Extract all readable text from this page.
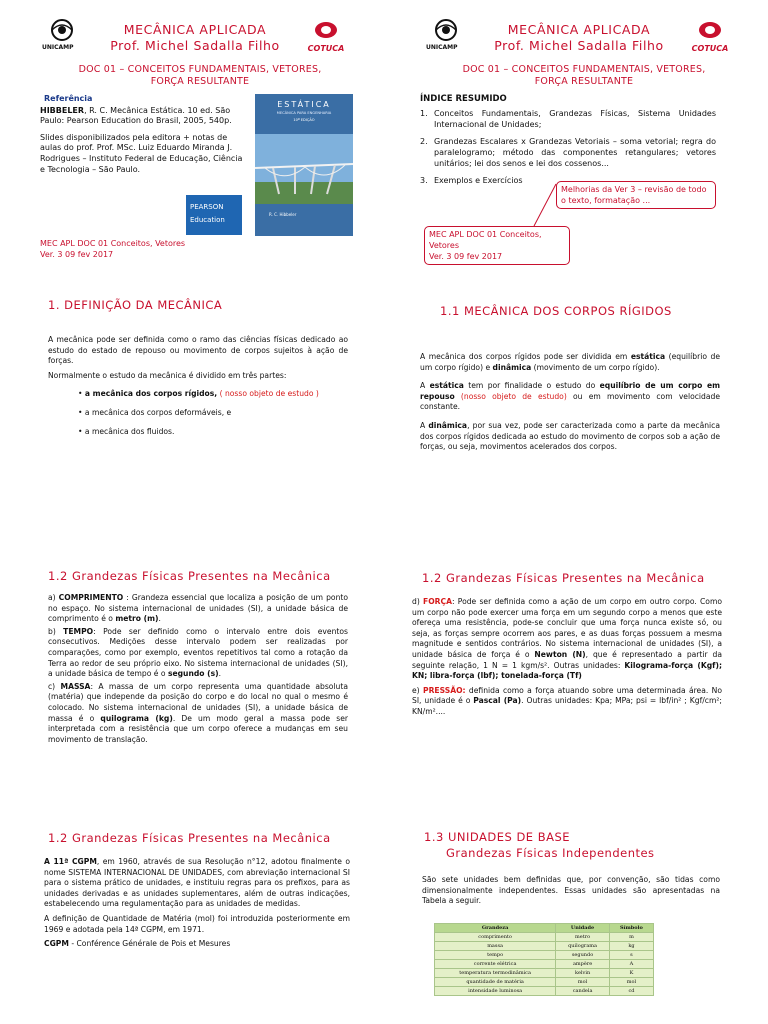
UNICAMP
MECÂNICA APLICADA
Prof. Michel Sadalla Filho	COTUCA
DOC 01 – CONCEITOS FUNDAMENTAIS, VETORES,
FORÇA RESULTANTE
Referência
HIBBELER, R. C. Mecânica Estática. 10 ed. São Paulo: Pearson Education do Brasil, 2005, 540p.
Slides disponibilizados pela editora + notas de aulas do prof. Prof. MSc. Luiz Eduardo Miranda J. Rodrigues – Instituto Federal de Educação, Ciência e Tecnologia – São Paulo.
ESTÁTICA
MECÂNICA PARA ENGENHARIA
10ª EDIÇÃO
R. C. Hibbeler
PEARSON
Education
MEC APL DOC 01 Conceitos, Vetores
Ver. 3 09 fev 2017
UNICAMP
MECÂNICA APLICADA
Prof. Michel Sadalla Filho	COTUCA
DOC 01 – CONCEITOS FUNDAMENTAIS, VETORES,
FORÇA RESULTANTE
ÍNDICE RESUMIDO
1. Conceitos Fundamentais, Grandezas Físicas, Sistema Unidades Internacional de Unidades;
2. Grandezas Escalares x Grandezas Vetoriais – soma vetorial; regra do paralelogramo; método das componentes retangulares; vetores unitários; lei dos senos e lei dos cossenos...
3. Exemplos e Exercícios
Melhorias da Ver 3 – revisão de todo o texto, formatação ...
MEC APL DOC 01 Conceitos, Vetores
Ver. 3 09 fev 2017
1. DEFINIÇÃO DA MECÂNICA

A mecânica pode ser definida como o ramo das ciências físicas dedicado ao estudo do estado de repouso ou movimento de corpos sujeitos à ação de forças.

Normalmente o estudo da mecânica é dividido em três partes:

• a mecânica dos corpos rígidos, ( nosso objeto de estudo )
• a mecânica dos corpos deformáveis, e
• a mecânica dos fluidos.
1.1 MECÂNICA DOS CORPOS RÍGIDOS

A mecânica dos corpos rígidos pode ser dividida em estática (equilíbrio de um corpo rígido) e dinâmica (movimento de um corpo rígido).

A estática tem por finalidade o estudo do equilíbrio de um corpo em repouso (nosso objeto de estudo) ou em movimento com velocidade constante.

A dinâmica, por sua vez, pode ser caracterizada como a parte da mecânica dos corpos rígidos dedicada ao estudo do movimento de corpos sob a ação de forças, ou seja, movimentos acelerados dos corpos.

1.2 Grandezas Físicas Presentes na Mecânica

a) COMPRIMENTO : Grandeza essencial que localiza a posição de um ponto no espaço. No sistema internacional de unidades (SI), a unidade básica de comprimento é o metro (m).

b) TEMPO: Pode ser definido como o intervalo entre dois eventos consecutivos. Medições desse intervalo podem ser realizadas por comparações, como por exemplo, eventos repetitivos tal como a rotação da Terra ao redor de seu próprio eixo. No sistema internacional de unidades (SI), a unidade básica de tempo é o segundo (s).

c) MASSA: A massa de um corpo representa uma quantidade absoluta (matéria) que independe da posição do corpo e do local no qual o mesmo é colocado. No sistema internacional de unidades (SI), a unidade básica de massa é o quilograma (kg). De um modo geral a massa pode ser interpretada com a resistência que um corpo oferece a mudanças em seu movimento de translação.

1.2 Grandezas Físicas Presentes na Mecânica

d) FORÇA: Pode ser definida como a ação de um corpo em outro corpo. Como um corpo não pode exercer uma força em um segundo corpo a menos que este ofereça uma resistência, pode-se concluir que uma força nunca existe só, ou seja, as forças sempre ocorrem aos pares, e as duas forças possuem a mesma magnitude e sentidos contrários. No sistema internacional de unidades (SI), a unidade básica de força é o Newton (N), que é representado a partir da seguinte relação, 1 N = 1 kgm/s². Outras unidades: Kilograma-força (Kgf); KN; libra-força (lbf); tonelada-força (Tf)

e) PRESSÃO: definida como a força atuando sobre uma determinada área. No SI, unidade é o Pascal (Pa). Outras unidades: Kpa; MPa; psi = lbf/in² ; Kgf/cm²; KN/m²....

1.2 Grandezas Físicas Presentes na Mecânica

A 11ª CGPM, em 1960, através de sua Resolução n°12, adotou finalmente o nome SISTEMA INTERNACIONAL DE UNIDADES, com abreviação internacional SI para o sistema prático de unidades, e instituiu regras para os prefixos, para as unidades derivadas e as unidades suplementares, além de outras indicações, estabelecendo uma regulamentação para as unidades de medidas.

A definição de Quantidade de Matéria (mol) foi introduzida posteriormente em 1969 e adotada pela 14ª CGPM, em 1971.

CGPM - Conférence Générale de Pois et Mesures

1.3 UNIDADES DE BASE
Grandezas Físicas Independentes
São sete unidades bem definidas que, por convenção, são tidas como dimensionalmente independentes. Essas unidades são apresentadas na Tabela a seguir.
Grandeza	Unidade	Símbolo
comprimento	metro	m
massa	quilograma	kg
tempo	segundo	s
corrente elétrica	ampère	A
temperatura termodinâmica	kelvin	K
quantidade de matéria	mol	mol
intensidade luminosa	candela	cd
